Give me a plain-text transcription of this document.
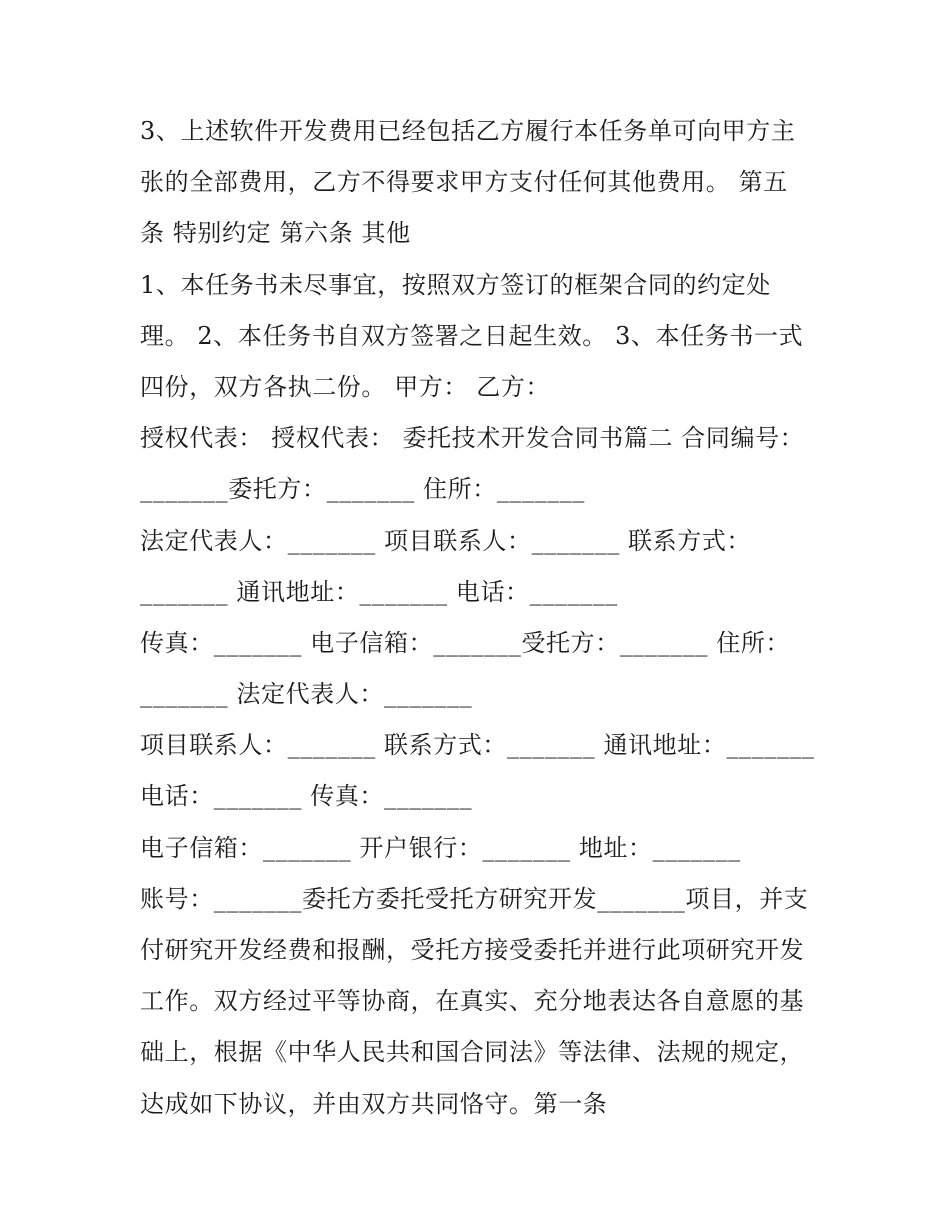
3、上述软件开发费用已经包括乙方履行本任务单可向甲方主
张的全部费用，乙方不得要求甲方支付任何其他费用。 第五
条 特别约定 第六条 其他
1、本任务书未尽事宜，按照双方签订的框架合同的约定处
理。 2、本任务书自双方签署之日起生效。 3、本任务书一式
四份，双方各执二份。 甲方： 乙方：
授权代表： 授权代表： 委托技术开发合同书篇二 合同编号：
_______委托方：_______ 住所：_______
法定代表人：_______ 项目联系人：_______ 联系方式：
_______ 通讯地址：_______ 电话：_______
传真：_______ 电子信箱：_______受托方：_______ 住所：
_______ 法定代表人：_______
项目联系人：_______ 联系方式：_______ 通讯地址：_______
电话：_______ 传真：_______
电子信箱：_______ 开户银行：_______ 地址：_______
账号：_______委托方委托受托方研究开发_______项目，并支
付研究开发经费和报酬，受托方接受委托并进行此项研究开发
工作。双方经过平等协商，在真实、充分地表达各自意愿的基
础上，根据《中华人民共和国合同法》等法律、法规的规定，
达成如下协议，并由双方共同恪守。第一条
